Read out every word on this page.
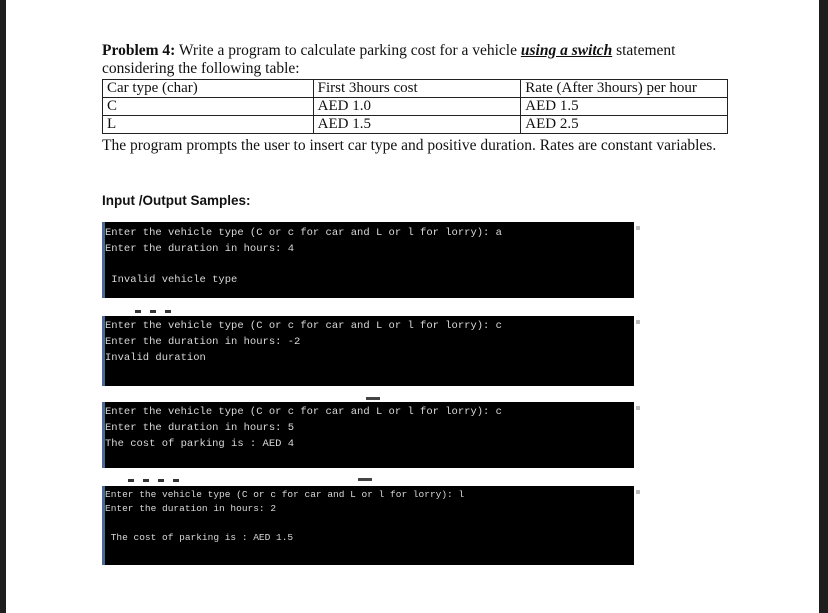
Problem 4: Write a program to calculate parking cost for a vehicle using a switch statement considering the following table:
Car type (char)	First 3hours cost	Rate (After 3hours) per hour
C	AED 1.0	AED 1.5
L	AED 1.5	AED 2.5
The program prompts the user to insert car type and positive duration. Rates are constant variables.
Input /Output Samples:
Enter the vehicle type (C or c for car and L or l for lorry): a
Enter the duration in hours: 4
Invalid vehicle type
Enter the vehicle type (C or c for car and L or l for lorry): c
Enter the duration in hours: -2
Invalid duration
Enter the vehicle type (C or c for car and L or l for lorry): c
Enter the duration in hours: 5
The cost of parking is : AED 4
Enter the vehicle type (C or c for car and L or l for lorry): l
Enter the duration in hours: 2
The cost of parking is : AED 1.5
